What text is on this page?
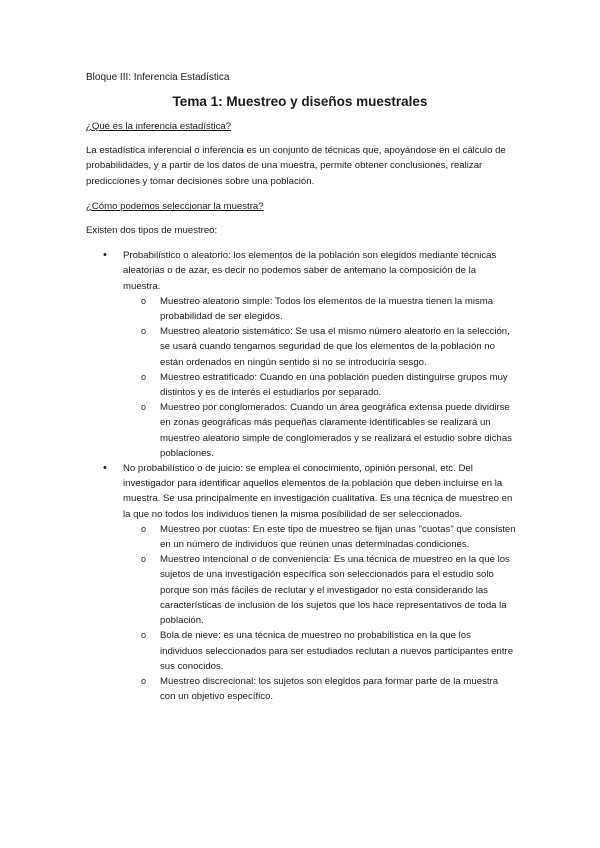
Bloque III: Inferencia Estadística
Tema 1: Muestreo y diseños muestrales
¿Qué es la inferencia estadística?

La estadística inferencial o inferencia es un conjunto de técnicas que, apoyándose en el cálculo de probabilidades, y a partir de los datos de una muestra, permite obtener conclusiones, realizar predicciones y tomar decisiones sobre una población.

¿Cómo podemos seleccionar la muestra?

Existen dos tipos de muestreo:

• Probabilístico o aleatorio: los elementos de la población son elegidos mediante técnicas aleatorias o de azar, es decir no podemos saber de antemano la composición de la muestra.
o Muestreo aleatorio simple: Todos los elementos de la muestra tienen la misma probabilidad de ser elegidos.
o Muestreo aleatorio sistemático: Se usa el mismo número aleatorio en la selección, se usará cuando tengamos seguridad de que los elementos de la población no están ordenados en ningún sentido si no se introduciría sesgo.
o Muestreo estratificado: Cuando en una población pueden distinguirse grupos muy distintos y es de interés el estudiarlos por separado.
o Muestreo por conglomerados: Cuando un área geográfica extensa puede dividirse en zonas geográficas más pequeñas claramente identificables se realizará un muestreo aleatorio simple de conglomerados y se realizará el estudio sobre dichas poblaciones.
• No probabilístico o de juicio: se emplea el conocimiento, opinión personal, etc. Del investigador para identificar aquellos elementos de la población que deben incluirse en la muestra. Se usa principalmente en investigación cualitativa. Es una técnica de muestreo en la que no todos los individuos tienen la misma posibilidad de ser seleccionados.
o Muestreo por cuotas: En este tipo de muestreo se fijan unas "cuotas" que consisten en un número de individuos que reúnen unas determinadas condiciones.
o Muestreo intencional o de conveniencia: Es una técnica de muestreo en la que los sujetos de una investigación específica son seleccionados para el estudio solo porque son más fáciles de reclutar y el investigador no está considerando las características de inclusión de los sujetos que los hace representativos de toda la población.
o Bola de nieve: es una técnica de muestreo no probabilística en la que los individuos seleccionados para ser estudiados reclutan a nuevos participantes entre sus conocidos.
o Muestreo discrecional: los sujetos son elegidos para formar parte de la muestra con un objetivo específico.
